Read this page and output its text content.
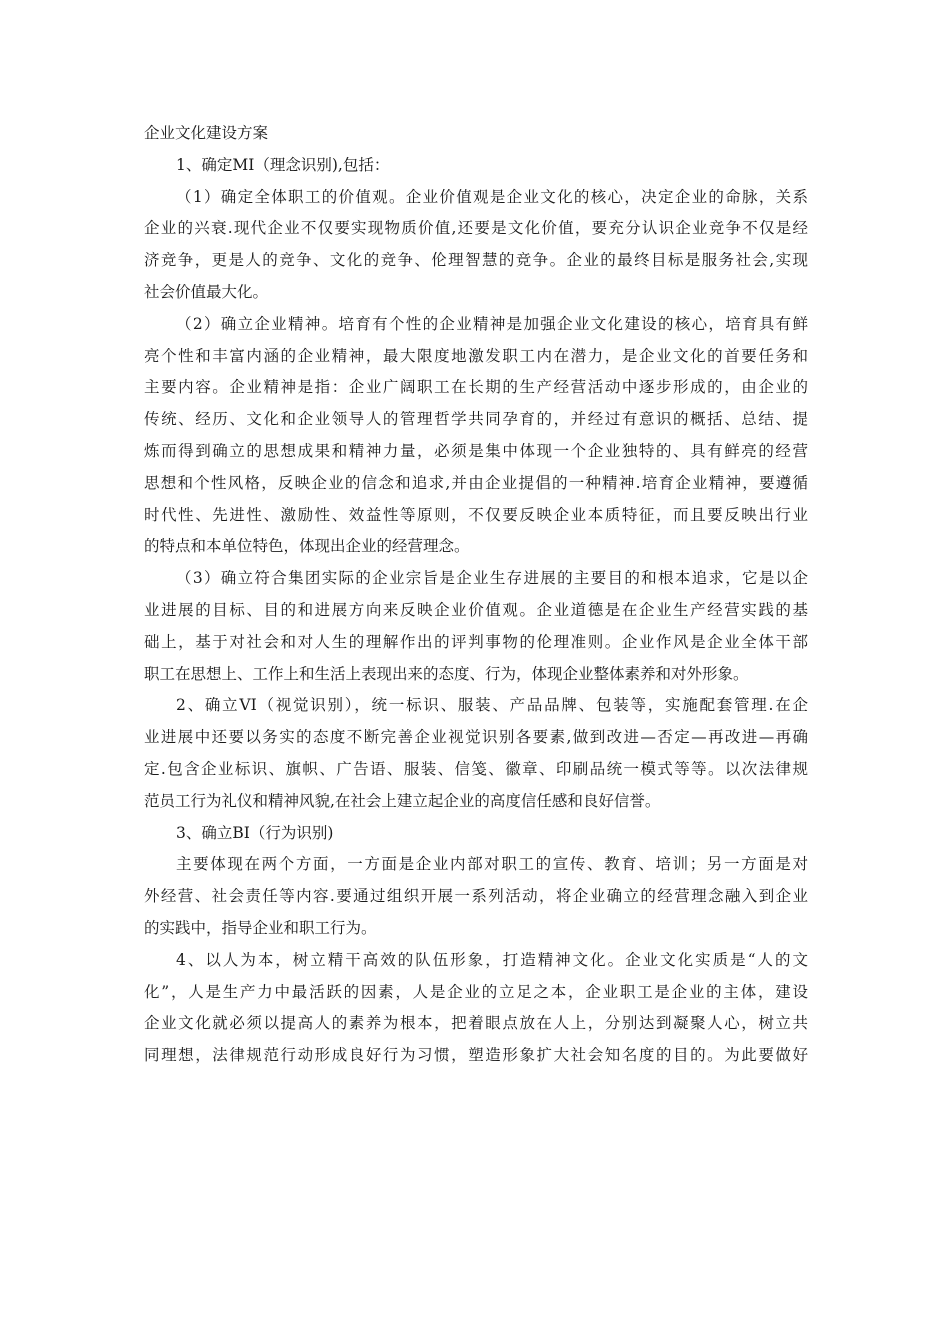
企业文化建设方案
1、确定MI（理念识别),包括：
（1）确定全体职工的价值观。企业价值观是企业文化的核心，决定企业的命脉，关系
企业的兴衰.现代企业不仅要实现物质价值,还要是文化价值，要充分认识企业竞争不仅是经
济竞争，更是人的竞争、文化的竞争、伦理智慧的竞争。企业的最终目标是服务社会,实现
社会价值最大化。
（2）确立企业精神。培育有个性的企业精神是加强企业文化建设的核心，培育具有鲜
亮个性和丰富内涵的企业精神，最大限度地激发职工内在潜力，是企业文化的首要任务和
主要内容。企业精神是指：企业广阔职工在长期的生产经营活动中逐步形成的，由企业的
传统、经历、文化和企业领导人的管理哲学共同孕育的，并经过有意识的概括、总结、提
炼而得到确立的思想成果和精神力量，必须是集中体现一个企业独特的、具有鲜亮的经营
思想和个性风格，反映企业的信念和追求,并由企业提倡的一种精神.培育企业精神，要遵循
时代性、先进性、激励性、效益性等原则，不仅要反映企业本质特征，而且要反映出行业
的特点和本单位特色，体现出企业的经营理念。
（3）确立符合集团实际的企业宗旨是企业生存进展的主要目的和根本追求，它是以企
业进展的目标、目的和进展方向来反映企业价值观。企业道德是在企业生产经营实践的基
础上，基于对社会和对人生的理解作出的评判事物的伦理准则。企业作风是企业全体干部
职工在思想上、工作上和生活上表现出来的态度、行为，体现企业整体素养和对外形象。
2、确立VI（视觉识别），统一标识、服装、产品品牌、包装等，实施配套管理.在企
业进展中还要以务实的态度不断完善企业视觉识别各要素,做到改进—否定—再改进—再确
定.包含企业标识、旗帜、广告语、服装、信笺、徽章、印刷品统一模式等等。以次法律规
范员工行为礼仪和精神风貌,在社会上建立起企业的高度信任感和良好信誉。
3、确立BI（行为识别)
主要体现在两个方面，一方面是企业内部对职工的宣传、教育、培训；另一方面是对
外经营、社会责任等内容.要通过组织开展一系列活动，将企业确立的经营理念融入到企业
的实践中，指导企业和职工行为。
4、以人为本，树立精干高效的队伍形象，打造精神文化。企业文化实质是“人的文
化”，人是生产力中最活跃的因素，人是企业的立足之本，企业职工是企业的主体，建设
企业文化就必须以提高人的素养为根本，把着眼点放在人上，分别达到凝聚人心，树立共
同理想，法律规范行动形成良好行为习惯，塑造形象扩大社会知名度的目的。为此要做好
